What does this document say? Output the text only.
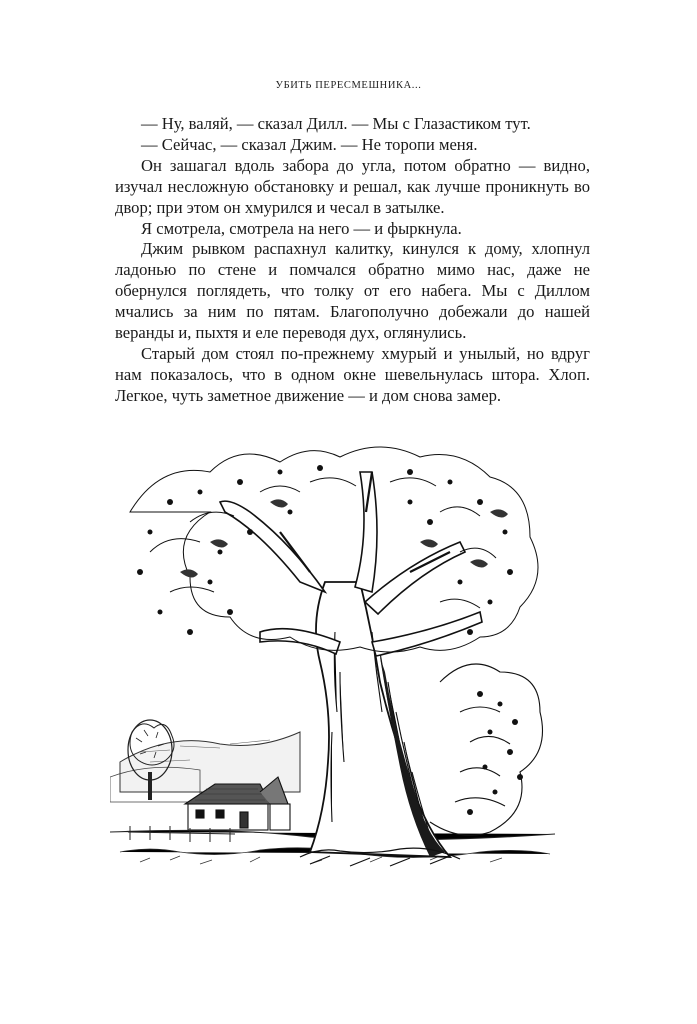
УБИТЬ ПЕРЕСМЕШНИКА...

— Ну, валяй, — сказал Дилл. — Мы с Глазастиком тут.

— Сейчас, — сказал Джим. — Не торопи меня.

Он зашагал вдоль забора до угла, потом обратно — видно, изучал несложную обстановку и решал, как лучше проникнуть во двор; при этом он хмурился и чесал в затылке.

Я смотрела, смотрела на него — и фыркнула.

Джим рывком распахнул калитку, кинулся к дому, хлопнул ладонью по стене и помчался обратно мимо нас, даже не обернулся поглядеть, что толку от его набега. Мы с Диллом мчались за ним по пятам. Благополучно добежали до нашей веранды и, пыхтя и еле переводя дух, оглянулись.

Старый дом стоял по-прежнему хмурый и унылый, но вдруг нам показалось, что в одном окне шевельнулась штора. Хлоп. Легкое, чуть заметное движение — и дом снова замер.
